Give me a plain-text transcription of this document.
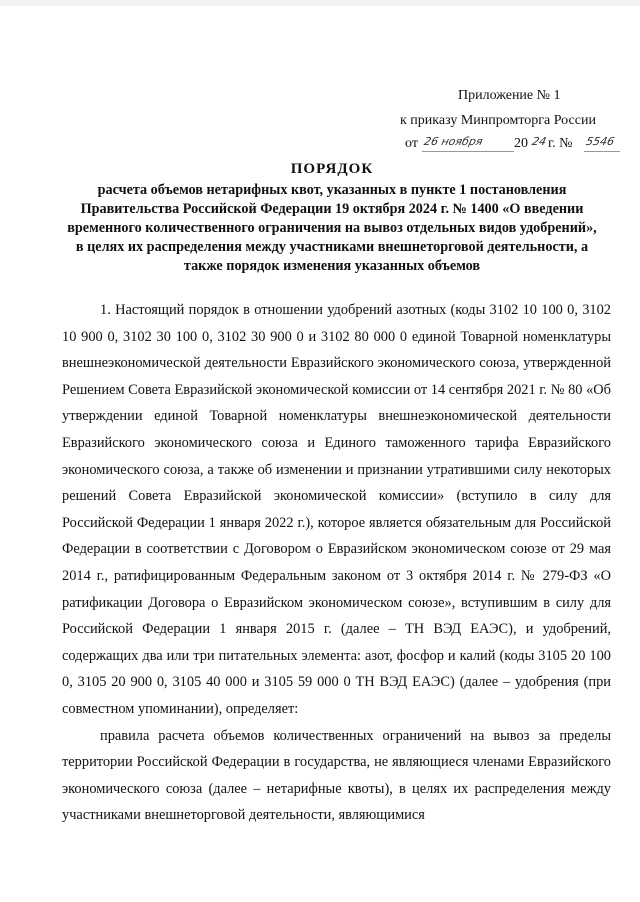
Приложение № 1
к приказу Минпромторга России
от 26 ноября 20 24 г. № 5546
ПОРЯДОК
расчета объемов нетарифных квот, указанных в пункте 1 постановления Правительства Российской Федерации 19 октября 2024 г. № 1400 «О введении временного количественного ограничения на вывоз отдельных видов удобрений», в целях их распределения между участниками внешнеторговой деятельности, а также порядок изменения указанных объемов

1. Настоящий порядок в отношении удобрений азотных (коды 3102 10 100 0, 3102 10 900 0, 3102 30 100 0, 3102 30 900 0 и 3102 80 000 0 единой Товарной номенклатуры внешнеэкономической деятельности Евразийского экономического союза, утвержденной Решением Совета Евразийской экономической комиссии от 14 сентября 2021 г. № 80 «Об утверждении единой Товарной номенклатуры внешнеэкономической деятельности Евразийского экономического союза и Единого таможенного тарифа Евразийского экономического союза, а также об изменении и признании утратившими силу некоторых решений Совета Евразийской экономической комиссии» (вступило в силу для Российской Федерации 1 января 2022 г.), которое является обязательным для Российской Федерации в соответствии с Договором о Евразийском экономическом союзе от 29 мая 2014 г., ратифицированным Федеральным законом от 3 октября 2014 г. № 279-ФЗ «О ратификации Договора о Евразийском экономическом союзе», вступившим в силу для Российской Федерации 1 января 2015 г. (далее – ТН ВЭД ЕАЭС), и удобрений, содержащих два или три питательных элемента: азот, фосфор и калий (коды 3105 20 100 0, 3105 20 900 0, 3105 40 000 и 3105 59 000 0 ТН ВЭД ЕАЭС) (далее – удобрения (при совместном упоминании), определяет:

правила расчета объемов количественных ограничений на вывоз за пределы территории Российской Федерации в государства, не являющиеся членами Евразийского экономического союза (далее – нетарифные квоты), в целях их распределения между участниками внешнеторговой деятельности, являющимися
